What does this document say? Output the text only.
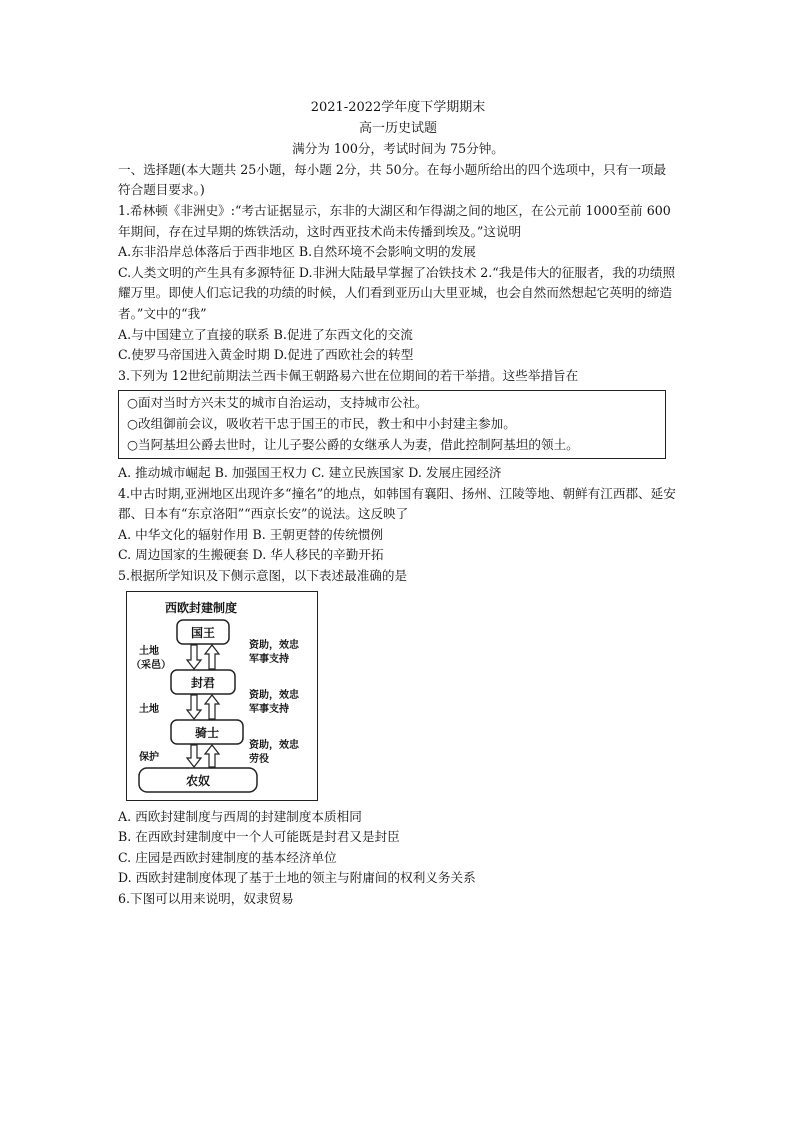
2021-2022学年度下学期期末

高一历史试题

满分为 100分，考试时间为 75分钟。

一、选择题(本大题共 25小题，每小题 2分，共 50分。在每小题所给出的四个选项中，只有一项最符合题目要求。)

1.希林顿《非洲史》:“考古证据显示，东非的大湖区和乍得湖之间的地区，在公元前 1000至前 600年期间，存在过早期的炼铁活动，这时西亚技术尚未传播到埃及。”这说明

A.东非沿岸总体落后于西非地区 B.自然环境不会影响文明的发展

C.人类文明的产生具有多源特征 D.非洲大陆最早掌握了冶铁技术 2.“我是伟大的征服者，我的功绩照耀万里。即使人们忘记我的功绩的时候，人们看到亚历山大里亚城，也会自然而然想起它英明的缔造者。”文中的“我”

A.与中国建立了直接的联系 B.促进了东西文化的交流

C.使罗马帝国进入黄金时期 D.促进了西欧社会的转型

3.下列为 12世纪前期法兰西卡佩王朝路易六世在位期间的若干举措。这些举措旨在

○面对当时方兴未艾的城市自治运动，支持城市公社。

○改组御前会议，吸收若干忠于国王的市民，教士和中小封建主参加。

○当阿基坦公爵去世时，让儿子娶公爵的女继承人为妻，借此控制阿基坦的领土。

A. 推动城市崛起 B. 加强国王权力 C. 建立民族国家 D. 发展庄园经济

4.中古时期,亚洲地区出现许多“撞名”的地点，如韩国有襄阳、扬州、江陵等地、朝鲜有江西郡、延安郡、日本有“东京洛阳”“西京长安”的说法。这反映了

A. 中华文化的辐射作用 B. 王朝更替的传统惯例

C. 周边国家的生搬硬套 D. 华人移民的辛勤开拓

5.根据所学知识及下侧示意图，以下表述最准确的是

西欧封建制度
国王
封君
骑士
农奴
土地
（采邑）
土地
保护
资助，效忠
军事支持
资助，效忠
军事支持
资助，效忠
劳役

A. 西欧封建制度与西周的封建制度本质相同

B. 在西欧封建制度中一个人可能既是封君又是封臣

C. 庄园是西欧封建制度的基本经济单位

D. 西欧封建制度体现了基于土地的领主与附庸间的权利义务关系

6.下图可以用来说明，奴隶贸易
